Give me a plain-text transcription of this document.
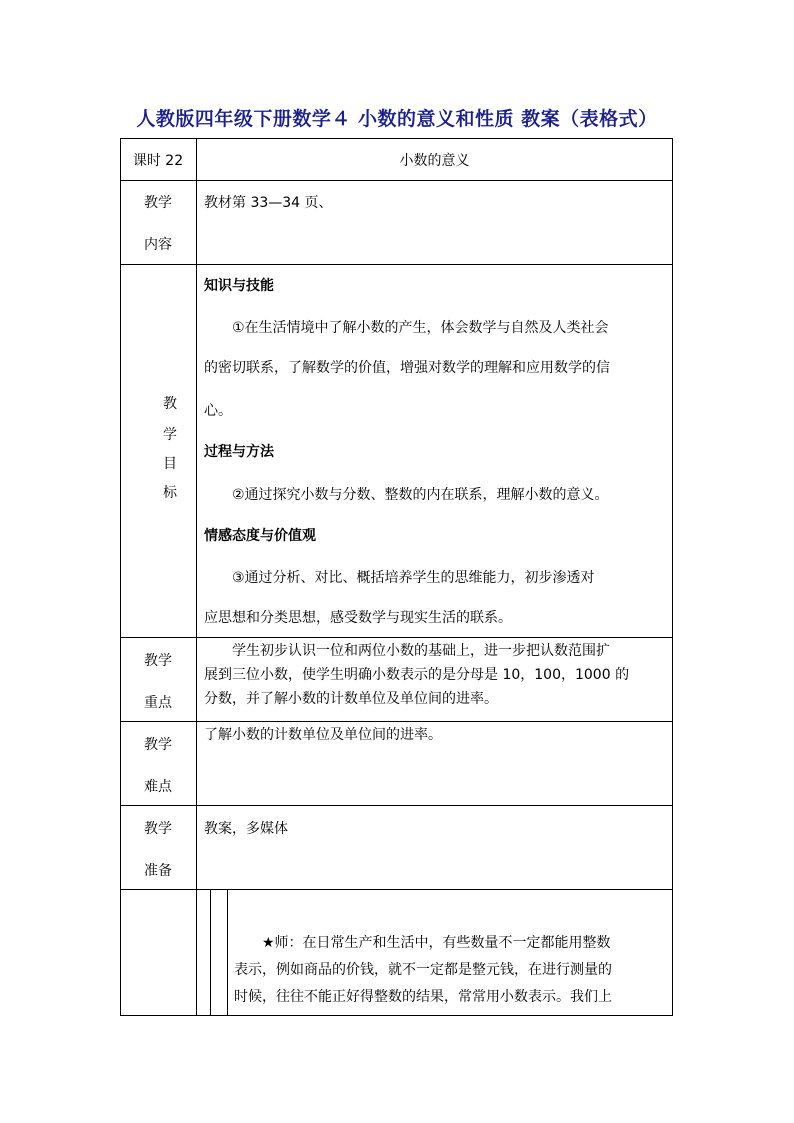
人教版四年级下册数学４ 小数的意义和性质 教案（表格式）
课时 22	小数的意义
教学
内容
教材第 33—34 页、
教
学
目
标
知识与技能
①在生活情境中了解小数的产生，体会数学与自然及人类社会
的密切联系，了解数学的价值，增强对数学的理解和应用数学的信
心。
过程与方法
②通过探究小数与分数、整数的内在联系，理解小数的意义。
情感态度与价值观
③通过分析、对比、概括培养学生的思维能力，初步渗透对
应思想和分类思想，感受数学与现实生活的联系。
教学
重点
学生初步认识一位和两位小数的基础上，进一步把认数范围扩
展到三位小数，使学生明确小数表示的是分母是 10，100，1000 的
分数，并了解小数的计数单位及单位间的进率。
教学
难点
了解小数的计数单位及单位间的进率。
教学
准备
教案，多媒体
★师：在日常生产和生活中，有些数量不一定都能用整数
表示，例如商品的价钱，就不一定都是整元钱，在进行测量的
时候，往往不能正好得整数的结果，常常用小数表示。我们上
